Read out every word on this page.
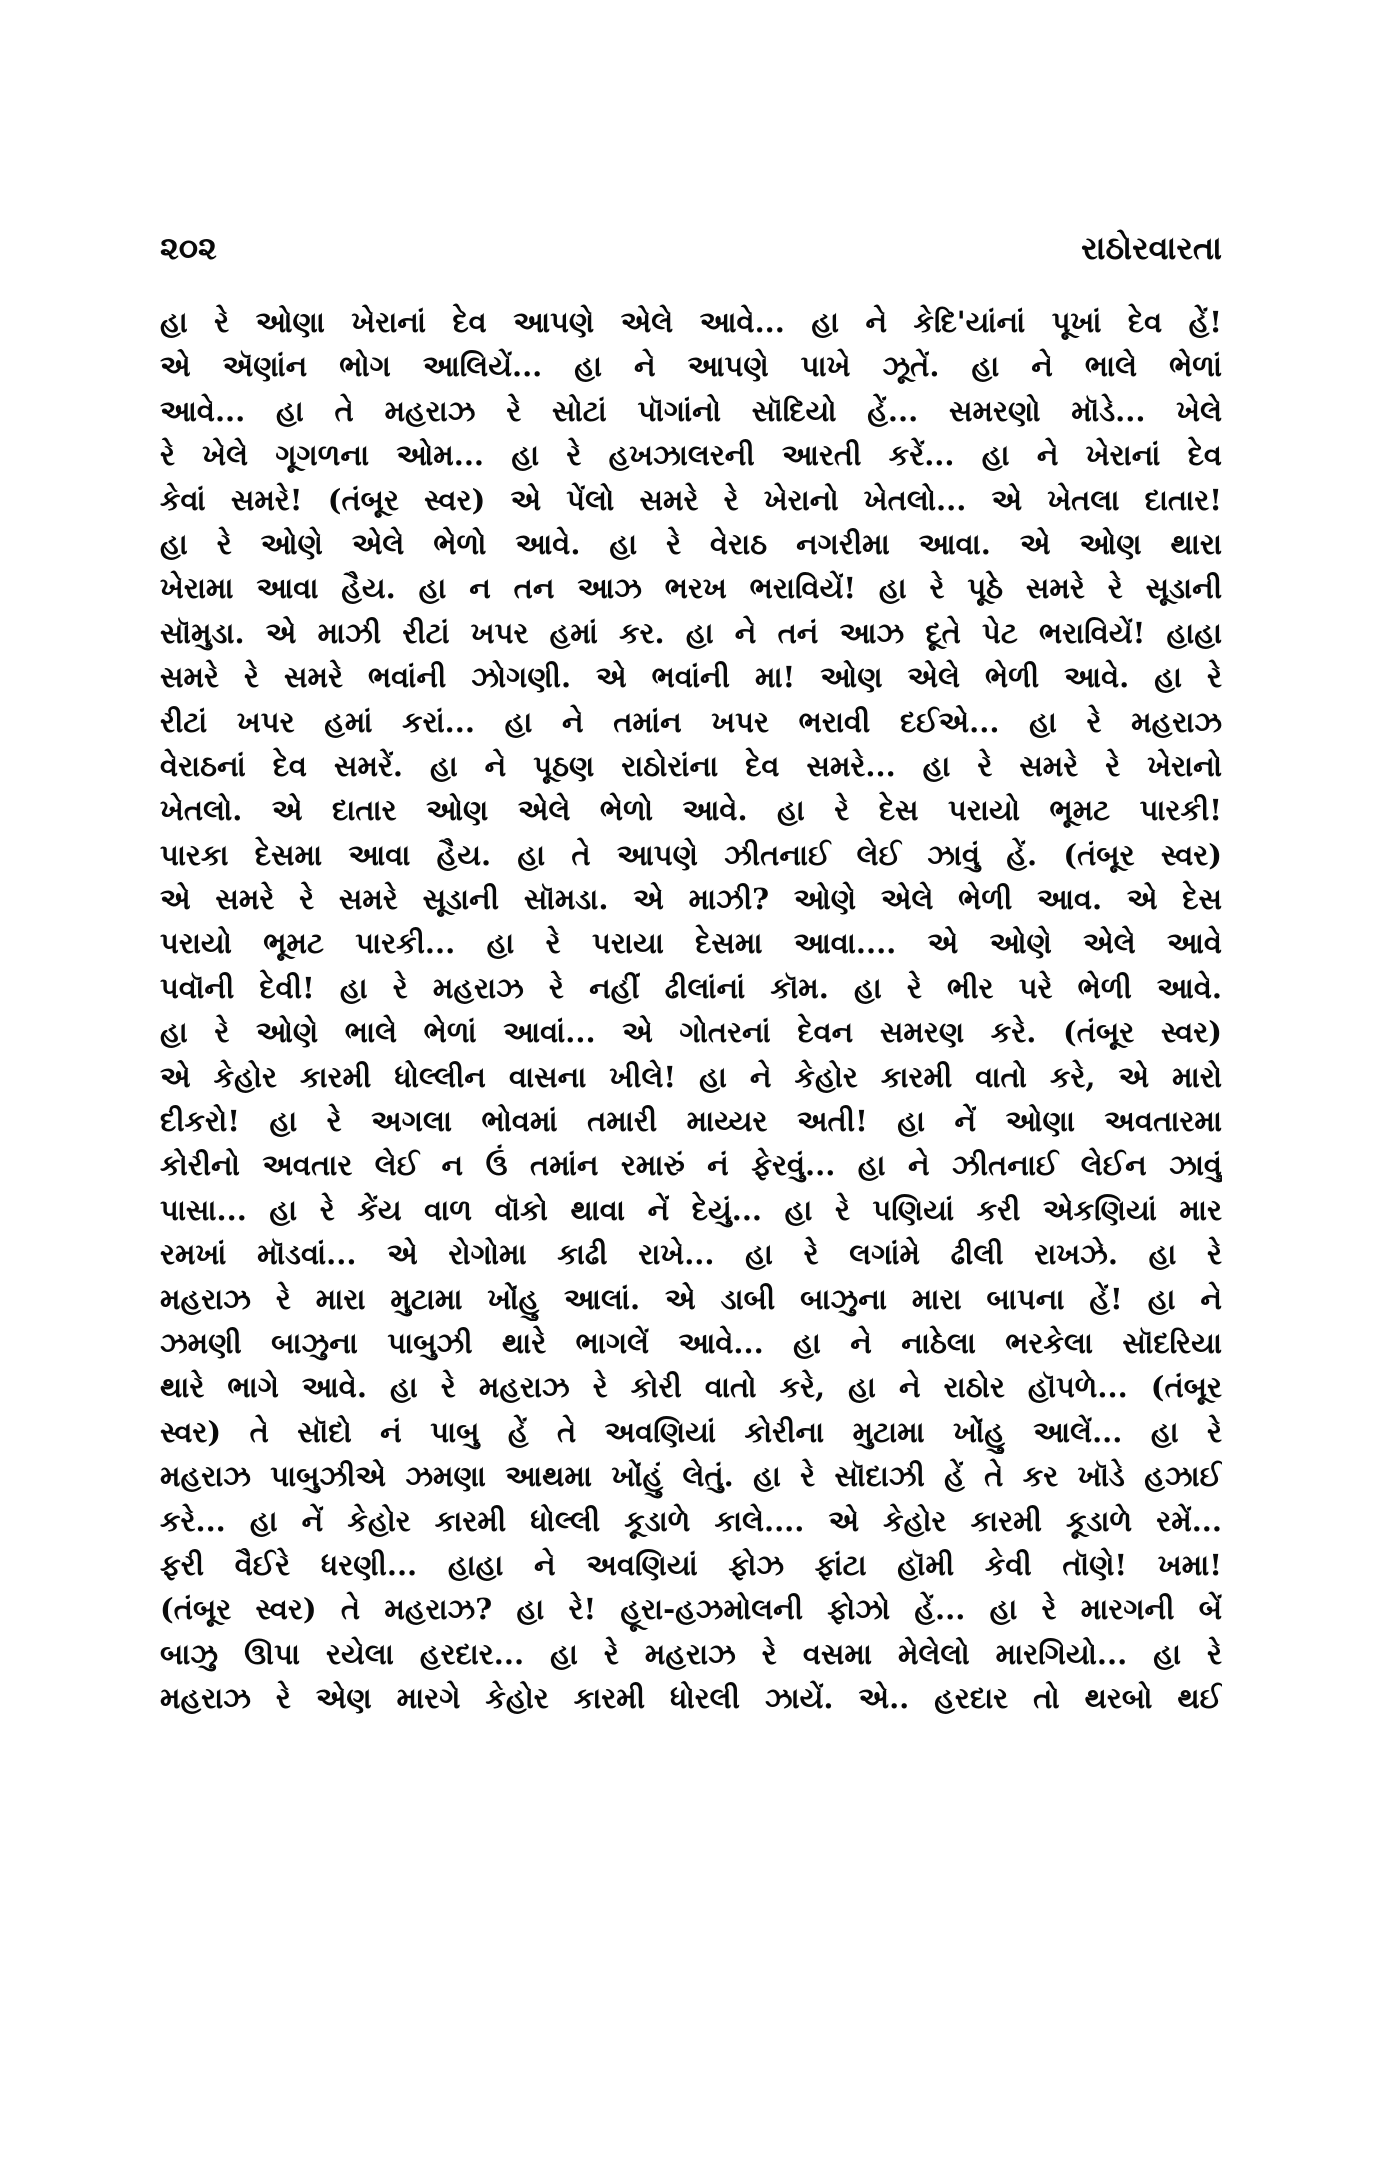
૨૦૨	રાઠોરવારતા
હા રે ઓણા ખેરાનાં દેવ આપણે એલે આવે... હા ને કેદિ'યાંનાં પૂખાં દેવ હેં!
એ ઍણાંન ભોગ આલિયેં... હા ને આપણે પાખે ઝૂતેં. હા ને ભાલે ભેળાં
આવે... હા તે મહરાઝ રે સોટાં પૉગાંનો સૉદિયો હેં... સમરણો મૉડે... ખેલે
રે ખેલે ગૂગળના ઓમ... હા રે હખઝાલરની આરતી કરેં... હા ને ખેરાનાં દેવ
કેવાં સમરે! (તંબૂર સ્વર) એ પેંલો સમરે રે ખેરાનો ખેતલો... એ ખેતલા દાતાર!
હા રે ઓણે એલે ભેળો આવે. હા રે વેરાઠ નગરીમા આવા. એ ઓણ થારા
ખેરામા આવા હૈય. હા ન તન આઝ ભરખ ભરાવિયેં! હા રે પૂઠે સમરે રે સૂડાની
સૉમુડા. એ માઝી રીટાં ખપર હમાં કર. હા ને તનં આઝ દૂતે પેટ ભરાવિયેં! હાહા
સમરે રે સમરે ભવાંની ઝોગણી. એ ભવાંની મા! ઓણ એલે ભેળી આવે. હા રે
રીટાં ખપર હમાં કરાં... હા ને તમાંન ખપર ભરાવી દઈએ... હા રે મહરાઝ
વેરાઠનાં દેવ સમરેં. હા ને પૂઠણ રાઠોરાંના દેવ સમરે... હા રે સમરે રે ખેરાનો
ખેતલો. એ દાતાર ઓણ એલે ભેળો આવે. હા રે દેસ પરાયો ભૂમટ પારકી!
પારકા દેસમા આવા હૈય. હા તે આપણે ઝીતનાઈ લેઈ ઝાવું હેં. (તંબૂર સ્વર)
એ સમરે રે સમરે સૂડાની સૉમડા. એ માઝી? ઓણે એલે ભેળી આવ. એ દેસ
પરાયો ભૂમટ પારકી... હા રે પરાયા દેસમા આવા.... એ ઓણે એલે આવે
પવૉની દેવી! હા રે મહરાઝ રે નહીં ઢીલાંનાં કૉમ. હા રે ભીર પરે ભેળી આવે.
હા રે ઓણે ભાલે ભેળાં આવાં... એ ગોતરનાં દેવન સમરણ કરે. (તંબૂર સ્વર)
એ કેહોર કારમી ધોલ્લીન વાસના ખીલે! હા ને કેહોર કારમી વાતો કરે, એ મારો
દીકરો! હા રે અગલા ભોવમાં તમારી માય્યર અતી! હા નેં ઓણા અવતારમા
કોરીનો અવતાર લેઈ ન ઉં તમાંન રમારું નં ફેરવું... હા ને ઝીતનાઈ લેઈન ઝાવું
પાસા... હા રે કેંય વાળ વૉકો થાવા નેં દેયું... હા રે પણિયાં કરી એકણિયાં માર
રમખાં મૉડવાં... એ રોગોમા કાઢી રાખે... હા રે લગાંમે ઢીલી રાખઝે. હા રે
મહરાઝ રે મારા મુટામા ખોંહુ આલાં. એ ડાબી બાઝુના મારા બાપના હેં! હા ને
ઝમણી બાઝુના પાબુઝી થારે ભાગલેં આવે... હા ને નાઠેલા ભરકેલા સૉદરિયા
થારે ભાગે આવે. હા રે મહરાઝ રે કોરી વાતો કરે, હા ને રાઠોર હૉપળે... (તંબૂર
સ્વર) તે સૉદો નં પાબુ હેં તે અવણિયાં કોરીના મુટામા ખોંહુ આલેં... હા રે
મહરાઝ પાબુઝીએ ઝમણા આથમા ખોંહું લેતું. હા રે સૉદાઝી હેં તે કર ખૉડે હઝાઈ
કરે... હા નેં કેહોર કારમી ધોલ્લી કૂડાળે કાલે.... એ કેહોર કારમી કૂડાળે રમેં...
ફરી વૈઈરે ધરણી... હાહા ને અવણિયાં ફોઝ ફાંટા હૉમી કેવી તૉણે! ખમા!
(તંબૂર સ્વર) તે મહરાઝ? હા રે! હૂરા-હઝમોલની ફોઝો હેં... હા રે મારગની બેં
બાઝુ ઊપા રયેલા હરદાર... હા રે મહરાઝ રે વસમા મેલેલો મારગિયો... હા રે
મહરાઝ રે એણ મારગે કેહોર કારમી ધોરલી ઝાયેં. એ.. હરદાર તો થરબો થઈ
